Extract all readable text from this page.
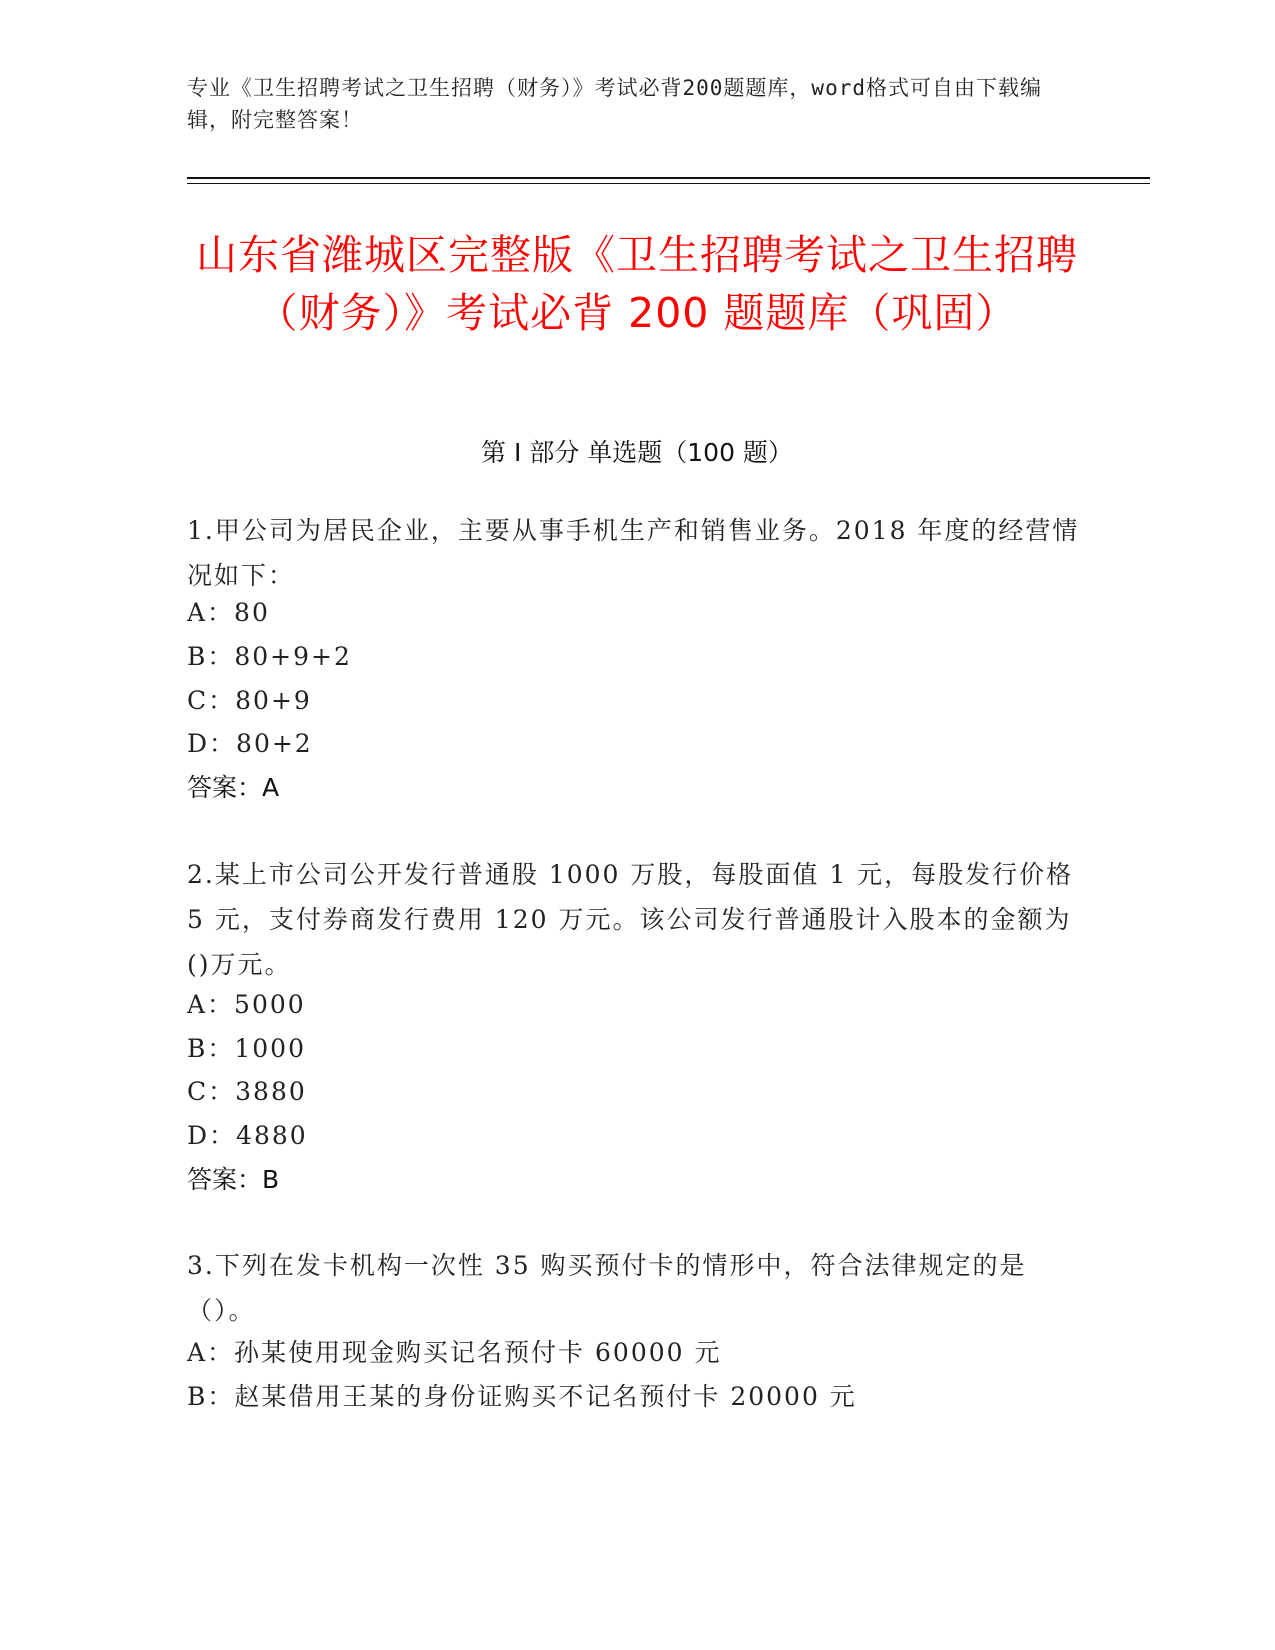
专业《卫生招聘考试之卫生招聘（财务）》考试必背200题题库，word格式可自由下载编辑，附完整答案！
山东省潍城区完整版《卫生招聘考试之卫生招聘（财务）》考试必背 200 题题库（巩固）
第 I 部分 单选题（100 题）
1.甲公司为居民企业，主要从事手机生产和销售业务。2018 年度的经营情况如下：
A：80
B：80+9+2
C：80+9
D：80+2
答案：A
2.某上市公司公开发行普通股 1000 万股，每股面值 1 元，每股发行价格 5 元，支付券商发行费用 120 万元。该公司发行普通股计入股本的金额为()万元。
A：5000
B：1000
C：3880
D：4880
答案：B
3.下列在发卡机构一次性 35 购买预付卡的情形中，符合法律规定的是（）。
A：孙某使用现金购买记名预付卡 60000 元
B：赵某借用王某的身份证购买不记名预付卡 20000 元
